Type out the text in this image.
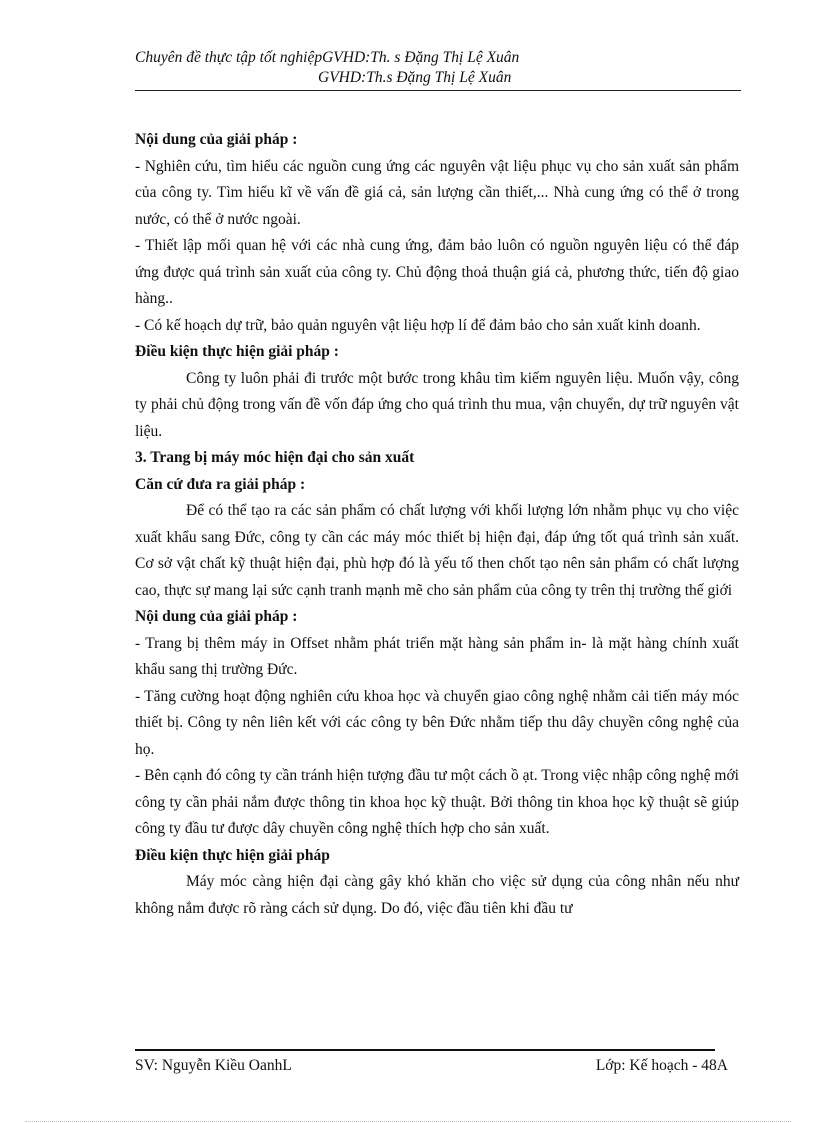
Chuyên đề thực tập tốt nghiệpGVHD:Th. s Đặng Thị Lệ Xuân
GVHD:Th.s Đặng Thị Lệ Xuân

Nội dung của giải pháp :

- Nghiên cứu, tìm hiểu các nguồn cung ứng các nguyên vật liệu phục vụ cho sản xuất sản phẩm của công ty. Tìm hiểu kĩ về vấn đề giá cả, sản lượng cần thiết,... Nhà cung ứng có thể ở trong nước, có thể ở nước ngoài.

- Thiết lập mối quan hệ với các nhà cung ứng, đảm bảo luôn có nguồn nguyên liệu có thể đáp ứng được quá trình sản xuất của công ty. Chủ động thoả thuận giá cả, phương thức, tiến độ giao hàng..

- Có kế hoạch dự trữ, bảo quản nguyên vật liệu hợp lí để đảm bảo cho sản xuất kinh doanh.

Điều kiện thực hiện giải pháp :

Công ty luôn phải đi trước một bước trong khâu tìm kiếm nguyên liệu. Muốn vậy, công ty phải chủ động trong vấn đề vốn đáp ứng cho quá trình thu mua, vận chuyển, dự trữ nguyên vật liệu.

3. Trang bị máy móc hiện đại cho sản xuất

Căn cứ đưa ra giải pháp :

Để có thể tạo ra các sản phẩm có chất lượng với khối lượng lớn nhằm phục vụ cho việc xuất khẩu sang Đức, công ty cần các máy móc thiết bị hiện đại, đáp ứng tốt quá trình sản xuất. Cơ sở vật chất kỹ thuật hiện đại, phù hợp đó là yếu tố then chốt tạo nên sản phẩm có chất lượng cao, thực sự mang lại sức cạnh tranh mạnh mẽ cho sản phẩm của công ty trên thị trường thế giới

Nội dung của giải pháp :

- Trang bị thêm máy in Offset nhằm phát triển mặt hàng sản phẩm in- là mặt hàng chính xuất khẩu sang thị trường Đức.

- Tăng cường hoạt động nghiên cứu khoa học và chuyển giao công nghệ nhằm cải tiến máy móc thiết bị. Công ty nên liên kết với các công ty bên Đức nhằm tiếp thu dây chuyền công nghệ của họ.

- Bên cạnh đó công ty cần tránh hiện tượng đầu tư một cách ồ ạt. Trong việc nhập công nghệ mới công ty cần phải nắm được thông tin khoa học kỹ thuật. Bởi thông tin khoa học kỹ thuật sẽ giúp công ty đầu tư được dây chuyền công nghệ thích hợp cho sản xuất.

Điều kiện thực hiện giải pháp

Máy móc càng hiện đại càng gây khó khăn cho việc sử dụng của công nhân nếu như không nắm được rõ ràng cách sử dụng. Do đó, việc đầu tiên khi đầu tư

SV: Nguyễn Kiều OanhL	Lớp: Kế hoạch - 48A
